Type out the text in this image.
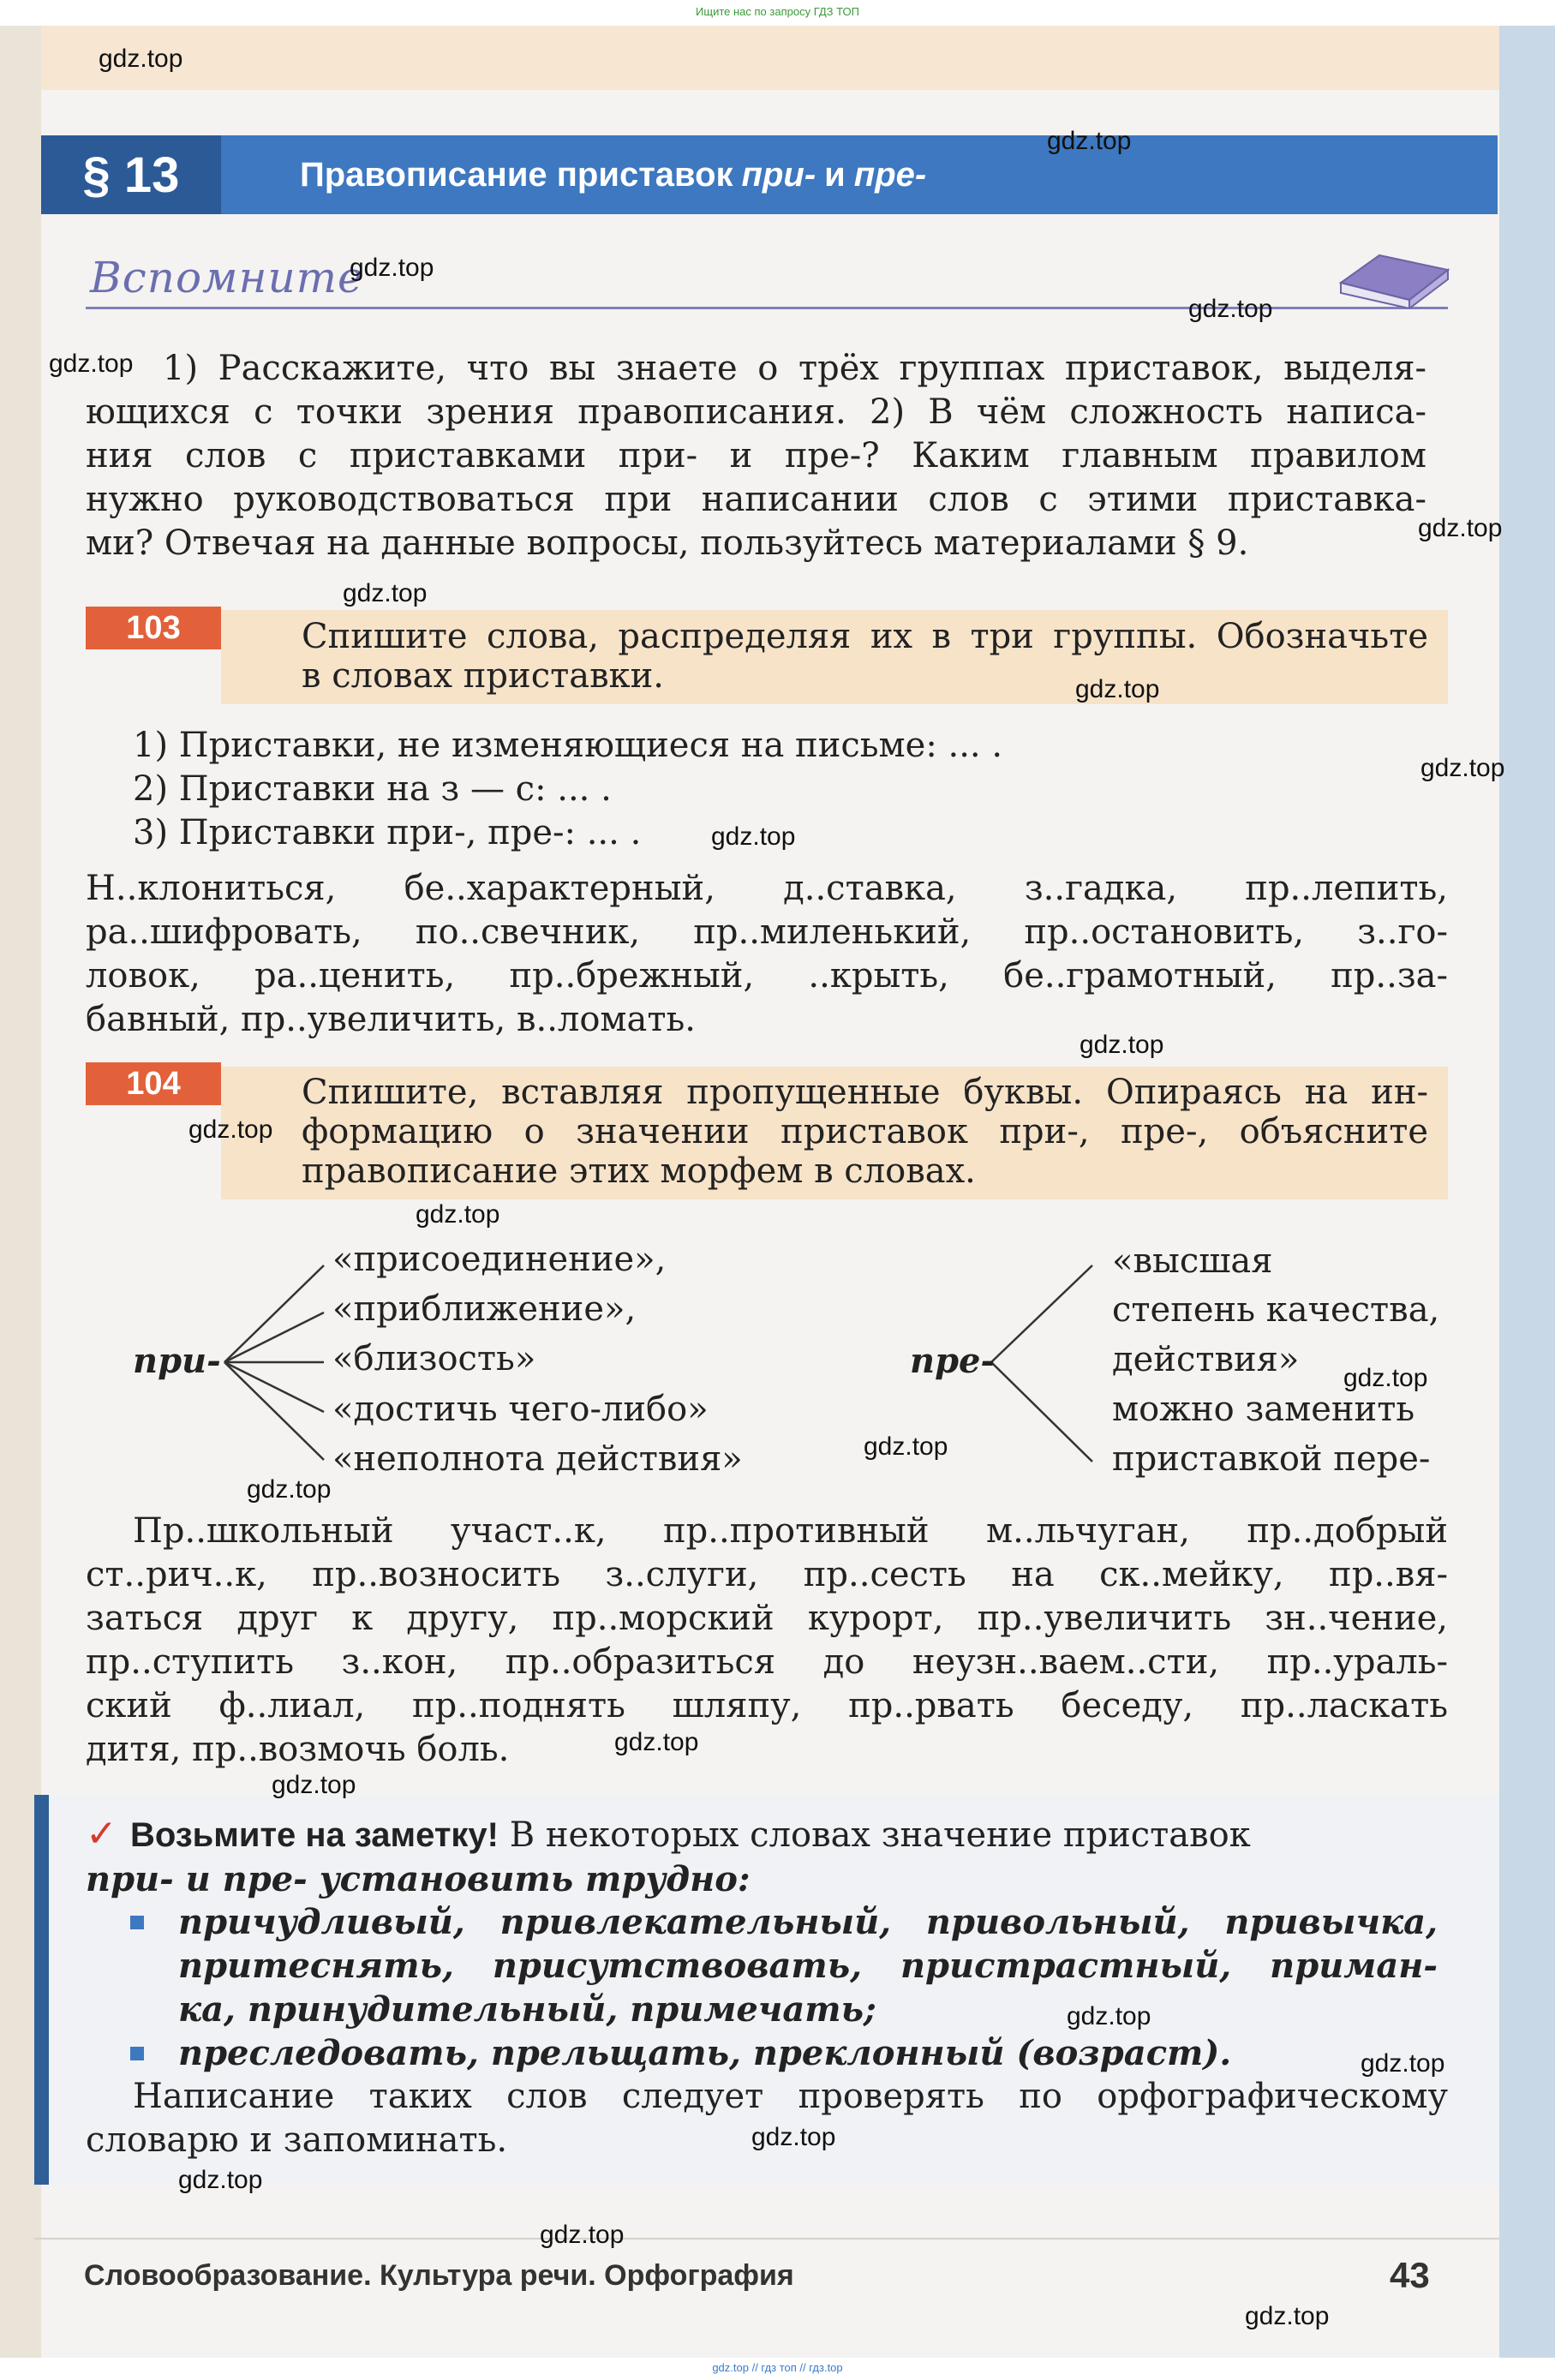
Ищите нас по запросу ГДЗ ТОП
§ 13	Правописание приставок при- и пре-
Вспомните
1) Расскажите, что вы знаете о трёх группах приставок, выделя-
ющихся с точки зрения правописания. 2) В чём сложность написа-
ния слов с приставками при- и пре-? Каким главным правилом
нужно руководствоваться при написании слов с этими приставка-
ми? Отвечая на данные вопросы, пользуйтесь материалами § 9.
103	Спишите слова, распределяя их в три группы. Обозначьте
в словах приставки.
1) Приставки, не изменяющиеся на письме: ... .
2) Приставки на з — с: ... .
3) Приставки при-, пре-: ... .
Н..клониться, бе..характерный, д..ставка, з..гадка, пр..лепить,
ра..шифровать, по..свечник, пр..миленький, пр..остановить, з..го-
ловок, ра..ценить, пр..брежный, ..крыть, бе..грамотный, пр..за-
бавный, пр..увеличить, в..ломать.
104	Спишите, вставляя пропущенные буквы. Опираясь на ин-
формацию о значении приставок при-, пре-, объясните
правописание этих морфем в словах.
при-
«присоединение»,
«приближение»,
«близость»
«достичь чего-либо»
«неполнота действия»
пре-
«высшая
степень качества,
действия»
можно заменить
приставкой пере-
Пр..школьный участ..к, пр..противный м..льчуган, пр..добрый
ст..рич..к, пр..возносить з..слуги, пр..сесть на ск..мейку, пр..вя-
заться друг к другу, пр..морский курорт, пр..увеличить зн..чение,
пр..ступить з..кон, пр..образиться до неузн..ваем..сти, пр..ураль-
ский ф..лиал, пр..поднять шляпу, пр..рвать беседу, пр..ласкать
дитя, пр..возмочь боль.
✓ Возьмите на заметку! В некоторых словах значение приставок
при- и пре- установить трудно:
причудливый, привлекательный, привольный, привычка,
притеснять, присутствовать, пристрастный, приман-
ка, принудительный, примечать;
преследовать, прельщать, преклонный (возраст).
Написание таких слов следует проверять по орфографическому
словарю и запоминать.
Словообразование. Культура речи. Орфография	43
gdz.top
gdz.top
gdz.top
gdz.top
gdz.top
gdz.top
gdz.top
gdz.top
gdz.top
gdz.top
gdz.top
gdz.top
gdz.top
gdz.top
gdz.top
gdz.top
gdz.top
gdz.top
gdz.top
gdz.top
gdz.top
gdz.top
gdz.top
gdz.top
gdz.top // гдз топ // гдз.top
